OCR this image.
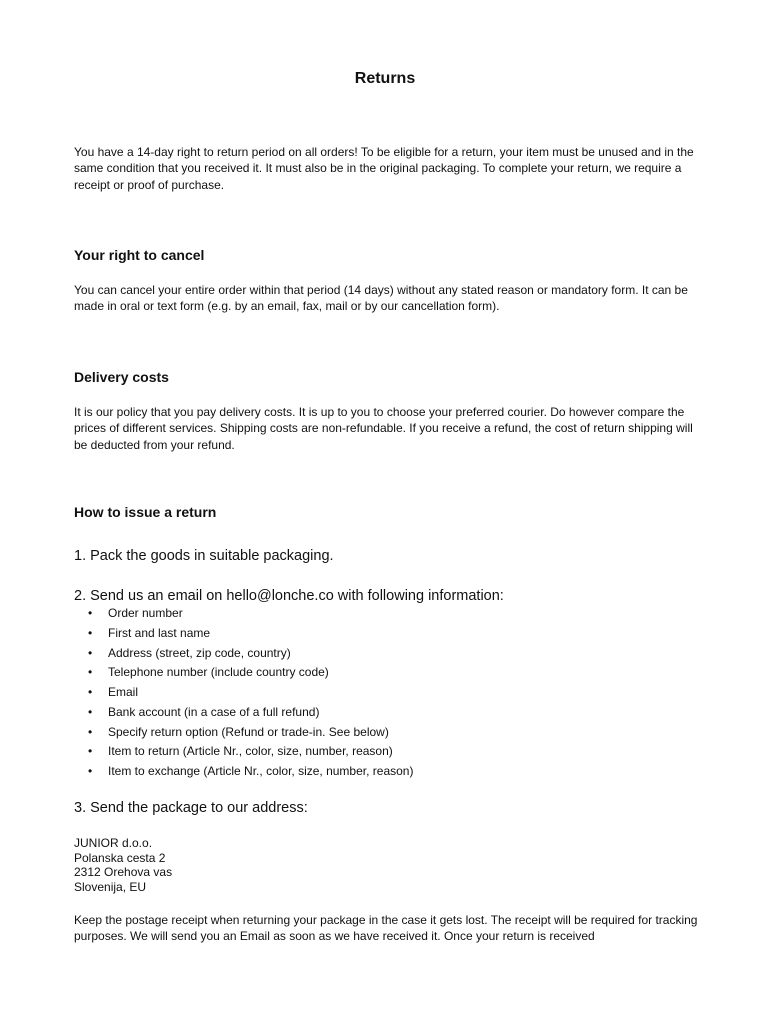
Returns

You have a 14-day right to return period on all orders! To be eligible for a return, your item must be unused and in the same condition that you received it. It must also be in the original packaging. To complete your return, we require a receipt or proof of purchase.

Your right to cancel

You can cancel your entire order within that period (14 days) without any stated reason or mandatory form. It can be made in oral or text form (e.g. by an email, fax, mail or by our cancellation form).

Delivery costs

It is our policy that you pay delivery costs. It is up to you to choose your preferred courier. Do however compare the prices of different services. Shipping costs are non-refundable. If you receive a refund, the cost of return shipping will be deducted from your refund.

How to issue a return

1. Pack the goods in suitable packaging.

2. Send us an email on hello@lonche.co with following information:

• Order number
• First and last name
• Address (street, zip code, country)
• Telephone number (include country code)
• Email
• Bank account (in a case of a full refund)
• Specify return option (Refund or trade-in. See below)
• Item to return (Article Nr., color, size, number, reason)
• Item to exchange (Article Nr., color, size, number, reason)

3. Send the package to our address:

JUNIOR d.o.o.
Polanska cesta 2
2312 Orehova vas
Slovenija, EU

Keep the postage receipt when returning your package in the case it gets lost. The receipt will be required for tracking purposes. We will send you an Email as soon as we have received it. Once your return is received
